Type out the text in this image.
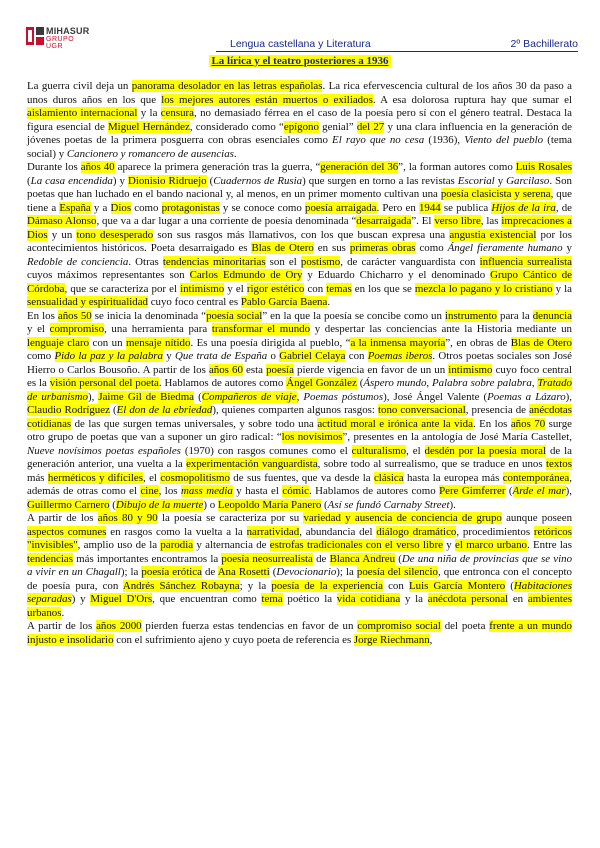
MIHASUR
GRUPO UGR	Lengua castellana y Literatura	2º Bachillerato
La lírica y el teatro posteriores a 1936

La guerra civil deja un panorama desolador en las letras españolas. La rica efervescencia cultural de los años 30 da paso a unos duros años en los que los mejores autores están muertos o exiliados. A esa dolorosa ruptura hay que sumar el aislamiento internacional y la censura, no demasiado férrea en el caso de la poesía pero sí con el género teatral. Destaca la figura esencial de Miguel Hernández, considerado como “epígono genial” del 27 y una clara influencia en la generación de jóvenes poetas de la primera posguerra con obras esenciales como El rayo que no cesa (1936), Viento del pueblo (tema social) y Cancionero y romancero de ausencias.

Durante los años 40 aparece la primera generación tras la guerra, “generación del 36”, la forman autores como Luis Rosales (La casa encendida) y Dionisio Ridruejo (Cuadernos de Rusia) que surgen en torno a las revistas Escorial y Garcilaso. Son poetas que han luchado en el bando nacional y, al menos, en un primer momento cultivan una poesía clasicista y serena, que tiene a España y a Dios como protagonistas y se conoce como poesía arraigada. Pero en 1944 se publica Hijos de la ira, de Dámaso Alonso, que va a dar lugar a una corriente de poesía denominada “desarraigada”. El verso libre, las imprecaciones a Dios y un tono desesperado son sus rasgos más llamativos, con los que buscan expresa una angustia existencial por los acontecimientos históricos. Poeta desarraigado es Blas de Otero en sus primeras obras como Ángel fieramente humano y Redoble de conciencia. Otras tendencias minoritarias son el postismo, de carácter vanguardista con influencia surrealista cuyos máximos representantes son Carlos Edmundo de Ory y Eduardo Chicharro y el denominado Grupo Cántico de Córdoba, que se caracteriza por el intimismo y el rigor estético con temas en los que se mezcla lo pagano y lo cristiano y la sensualidad y espiritualidad cuyo foco central es Pablo García Baena.

En los años 50 se inicia la denominada “poesía social” en la que la poesía se concibe como un instrumento para la denuncia y el compromiso, una herramienta para transformar el mundo y despertar las conciencias ante la Historia mediante un lenguaje claro con un mensaje nítido. Es una poesía dirigida al pueblo, “a la inmensa mayoría”, en obras de Blas de Otero como Pido la paz y la palabra y Que trata de España o Gabriel Celaya con Poemas iberos. Otros poetas sociales son José Hierro o Carlos Bousoño. A partir de los años 60 esta poesía pierde vigencia en favor de un un intimismo cuyo foco central es la visión personal del poeta. Hablamos de autores como Ángel González (Áspero mundo, Palabra sobre palabra, Tratado de urbanismo), Jaime Gil de Biedma (Compañeros de viaje, Poemas póstumos), José Ángel Valente (Poemas a Lázaro), Claudio Rodríguez (El don de la ebriedad), quienes comparten algunos rasgos: tono conversacional, presencia de anécdotas cotidianas de las que surgen temas universales, y sobre todo una actitud moral e irónica ante la vida. En los años 70 surge otro grupo de poetas que van a suponer un giro radical: “los novísimos”, presentes en la antología de José María Castellet, Nueve novísimos poetas españoles (1970) con rasgos comunes como el culturalismo, el desdén por la poesía moral de la generación anterior, una vuelta a la experimentación vanguardista, sobre todo al surrealismo, que se traduce en unos textos más herméticos y difíciles, el cosmopolitismo de sus fuentes, que va desde la clásica hasta la europea más contemporánea, además de otras como el cine, los mass media y hasta el cómic. Hablamos de autores como Pere Gimferrer (Arde el mar), Guillermo Carnero (Dibujo de la muerte) o Leopoldo María Panero (Así se fundó Carnaby Street).

A partir de los años 80 y 90 la poesía se caracteriza por su variedad y ausencia de conciencia de grupo aunque poseen aspectos comunes en rasgos como la vuelta a la narratividad, abundancia del diálogo dramático, procedimientos retóricos "invisibles", amplio uso de la parodia y alternancia de estrofas tradicionales con el verso libre y el marco urbano. Entre las tendencias más importantes encontramos la poesía neosurrealista de Blanca Andreu (De una niña de provincias que se vino a vivir en un Chagall); la poesía erótica de Ana Rosetti (Devocionario); la poesía del silencio, que entronca con el concepto de poesía pura, con Andrés Sánchez Robayna; y la poesía de la experiencia con Luis García Montero (Habitaciones separadas) y Miguel D'Ors, que encuentran como tema poético la vida cotidiana y la anécdota personal en ambientes urbanos.

A partir de los años 2000 pierden fuerza estas tendencias en favor de un compromiso social del poeta frente a un mundo injusto e insolidario con el sufrimiento ajeno y cuyo poeta de referencia es Jorge Riechmann,
